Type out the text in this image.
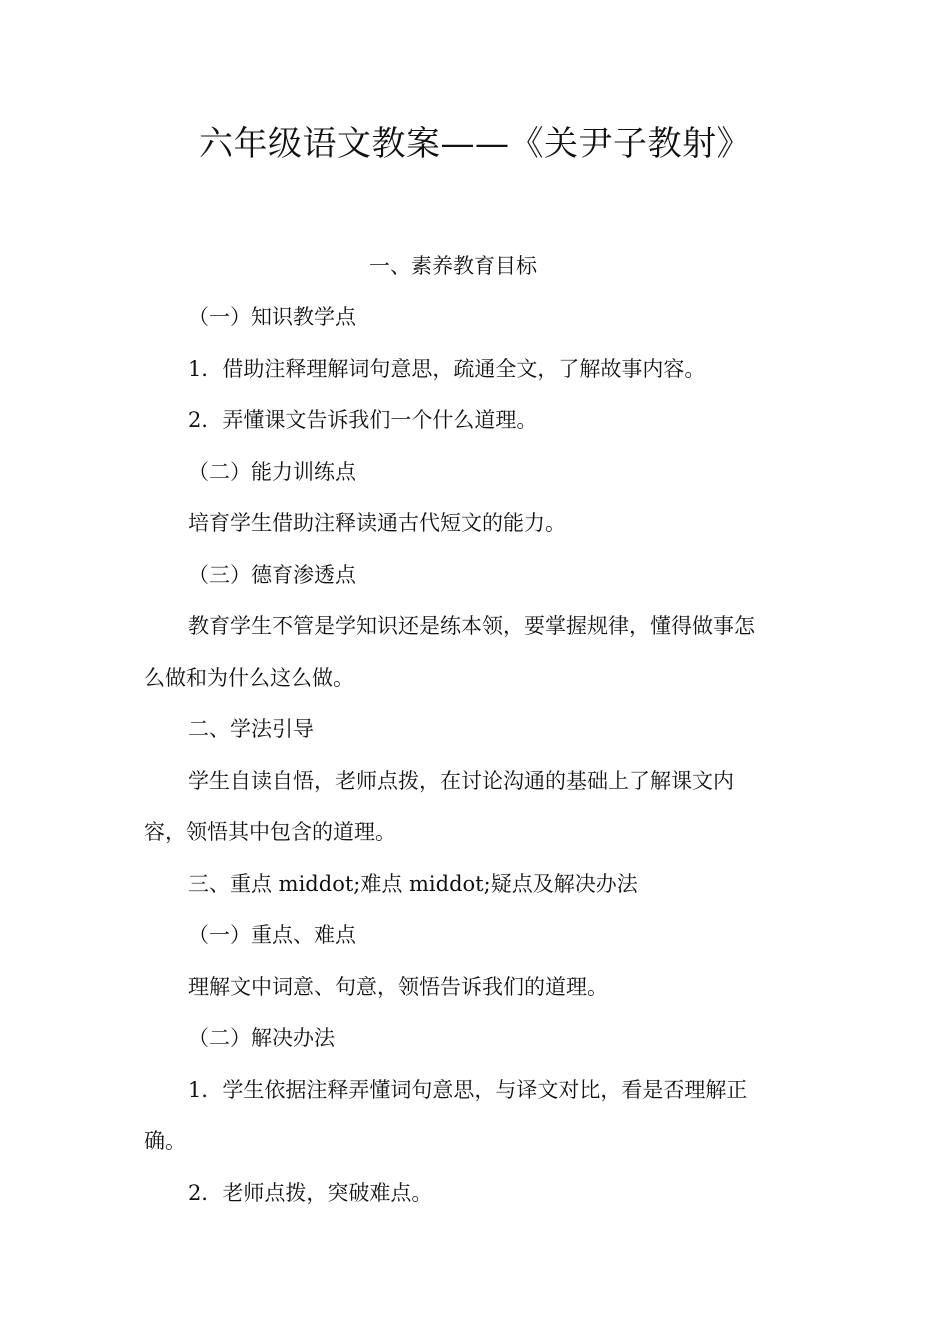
六年级语文教案——《关尹子教射》
一、素养教育目标
（一）知识教学点
1．借助注释理解词句意思，疏通全文，了解故事内容。
2．弄懂课文告诉我们一个什么道理。
（二）能力训练点
培育学生借助注释读通古代短文的能力。
（三）德育渗透点
教育学生不管是学知识还是练本领，要掌握规律，懂得做事怎
么做和为什么这么做。
二、学法引导
学生自读自悟，老师点拨，在讨论沟通的基础上了解课文内
容，领悟其中包含的道理。
三、重点 middot;难点 middot;疑点及解决办法
（一）重点、难点
理解文中词意、句意，领悟告诉我们的道理。
（二）解决办法
1．学生依据注释弄懂词句意思，与译文对比，看是否理解正
确。
2．老师点拨，突破难点。
